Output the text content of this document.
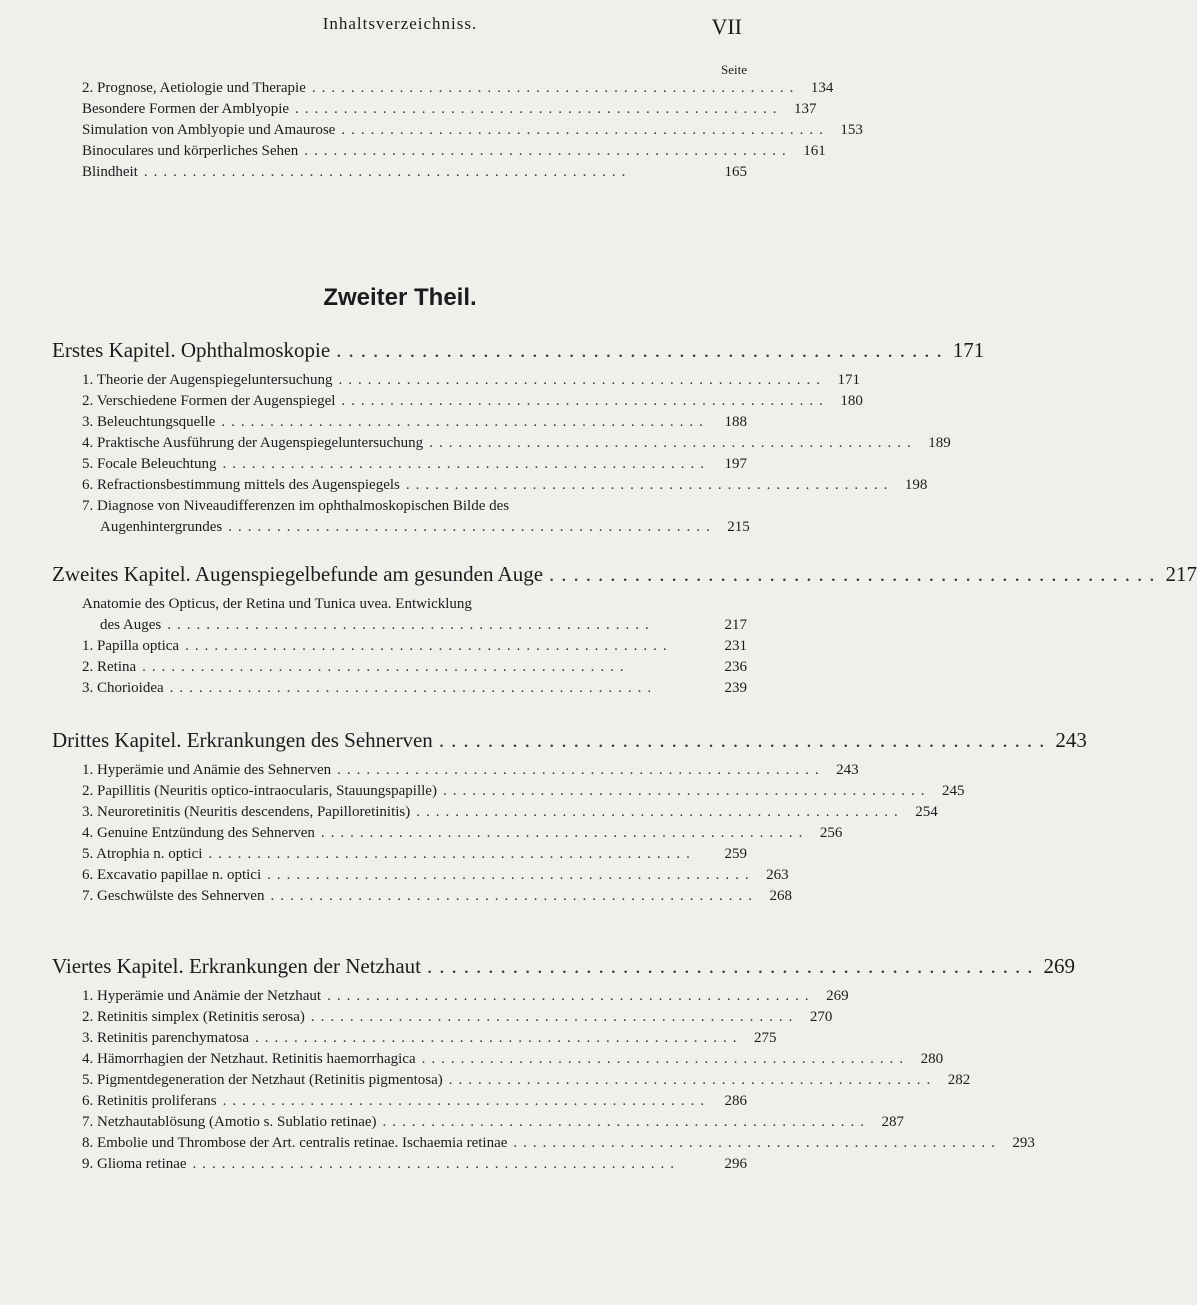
Inhaltsverzeichniss.	VII
Seite
2. Prognose, Aetiologie und Therapie .................................................. 134
Besondere Formen der Amblyopie .................................................. 137
Simulation von Amblyopie und Amaurose .................................................. 153
Binoculares und körperliches Sehen .................................................. 161
Blindheit ..................................................	165
Zweiter Theil.
Erstes Kapitel. Ophthalmoskopie .................................................. 171
1. Theorie der Augenspiegeluntersuchung .................................................. 171
2. Verschiedene Formen der Augenspiegel .................................................. 180
3. Beleuchtungsquelle ..................................................	188
4. Praktische Ausführung der Augenspiegeluntersuchung .................................................. 189
5. Focale Beleuchtung .................................................. 197
6. Refractionsbestimmung mittels des Augenspiegels .................................................. 198
7. Diagnose von Niveaudifferenzen im ophthalmoskopischen Bilde des
Augenhintergrundes .................................................. 215
Zweites Kapitel. Augenspiegelbefunde am gesunden Auge .................................................. 217
Anatomie des Opticus, der Retina und Tunica uvea. Entwicklung
des Auges ..................................................	217
1. Papilla optica ..................................................	231
2. Retina ..................................................	236
3. Chorioidea ..................................................	239
Drittes Kapitel. Erkrankungen des Sehnerven .................................................. 243
1. Hyperämie und Anämie des Sehnerven .................................................. 243
2. Papillitis (Neuritis optico-intraocularis, Stauungspapille) .................................................. 245
3. Neuroretinitis (Neuritis descendens, Papilloretinitis) .................................................. 254
4. Genuine Entzündung des Sehnerven .................................................. 256
5. Atrophia n. optici ..................................................	259
6. Excavatio papillae n. optici .................................................. 263
7. Geschwülste des Sehnerven .................................................. 268
Viertes Kapitel. Erkrankungen der Netzhaut .................................................. 269
1. Hyperämie und Anämie der Netzhaut .................................................. 269
2. Retinitis simplex (Retinitis serosa) .................................................. 270
3. Retinitis parenchymatosa .................................................. 275
4. Hämorrhagien der Netzhaut. Retinitis haemorrhagica .................................................. 280
5. Pigmentdegeneration der Netzhaut (Retinitis pigmentosa) .................................................. 282
6. Retinitis proliferans .................................................. 286
7. Netzhautablösung (Amotio s. Sublatio retinae) .................................................. 287
8. Embolie und Thrombose der Art. centralis retinae. Ischaemia retinae .................................................. 293
9. Glioma retinae ..................................................	296
